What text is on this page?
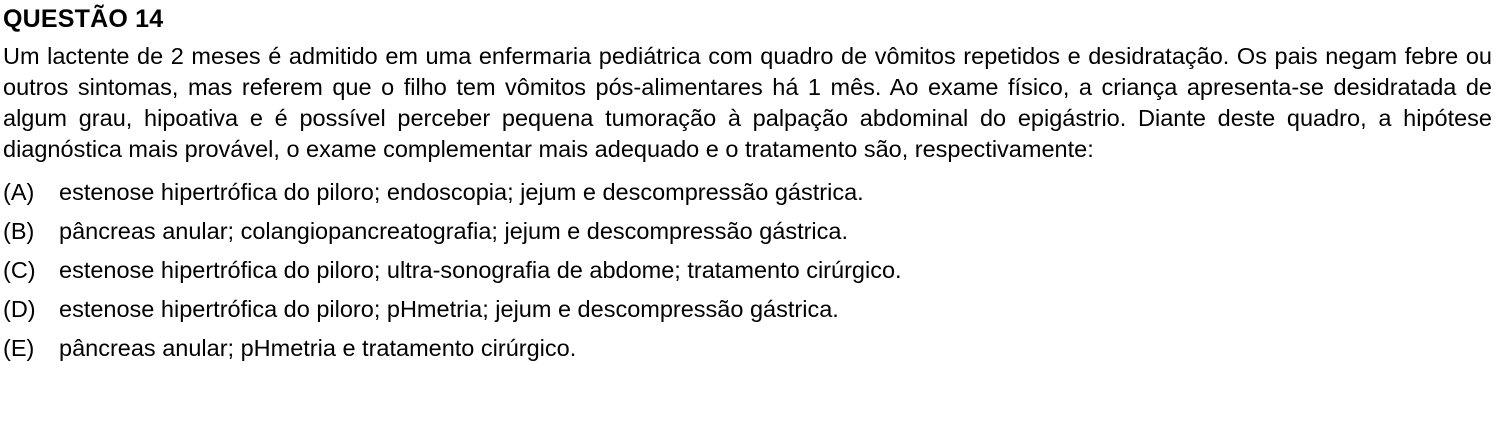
QUESTÃO 14

Um lactente de 2 meses é admitido em uma enfermaria pediátrica com quadro de vômitos repetidos e desidratação. Os pais negam febre ou outros sintomas, mas referem que o filho tem vômitos pós-alimentares há 1 mês. Ao exame físico, a criança apresenta-se desidratada de algum grau, hipoativa e é possível perceber pequena tumoração à palpação abdominal do epigástrio. Diante deste quadro, a hipótese diagnóstica mais provável, o exame complementar mais adequado e o tratamento são, respectivamente:

(A)	estenose hipertrófica do piloro; endoscopia; jejum e descompressão gástrica.
(B)	pâncreas anular; colangiopancreatografia; jejum e descompressão gástrica.
(C) estenose hipertrófica do piloro; ultra-sonografia de abdome; tratamento cirúrgico.
(D) estenose hipertrófica do piloro; pHmetria; jejum e descompressão gástrica.
(E)	pâncreas anular; pHmetria e tratamento cirúrgico.
